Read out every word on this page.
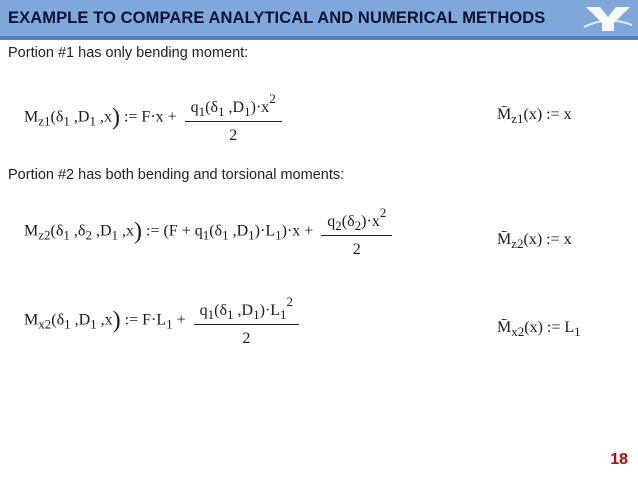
EXAMPLE TO COMPARE ANALYTICAL AND NUMERICAL METHODS
Portion #1 has only bending moment:
$M_{z1}(\delta_1$ $,D_1$ ,x) := $F\cdot x + \frac{q_1(\delta_1 ,D_1)\cdot x^2}{2}$	$M̄_{z1}(x)$ := x
Portion #2 has both bending and torsional moments:
$M_{z2}(\delta_1$ $,\delta_2$ $,D_1$ ,x) := ($F + q_1(\delta_1$ $,D_1)\cdot L_1)\cdot x + \frac{q_2(\delta_2)\cdot x^2}{2}$	$M̄_{z2}(x)$ := x
$M_{x2}(\delta_1$ $,D_1$ ,x) := $F\cdot L_1 + \frac{q_1(\delta_1 ,D_1)\cdot L_1^2}{2}$	$M̄_{x2}(x)$ := $L_1$
18
